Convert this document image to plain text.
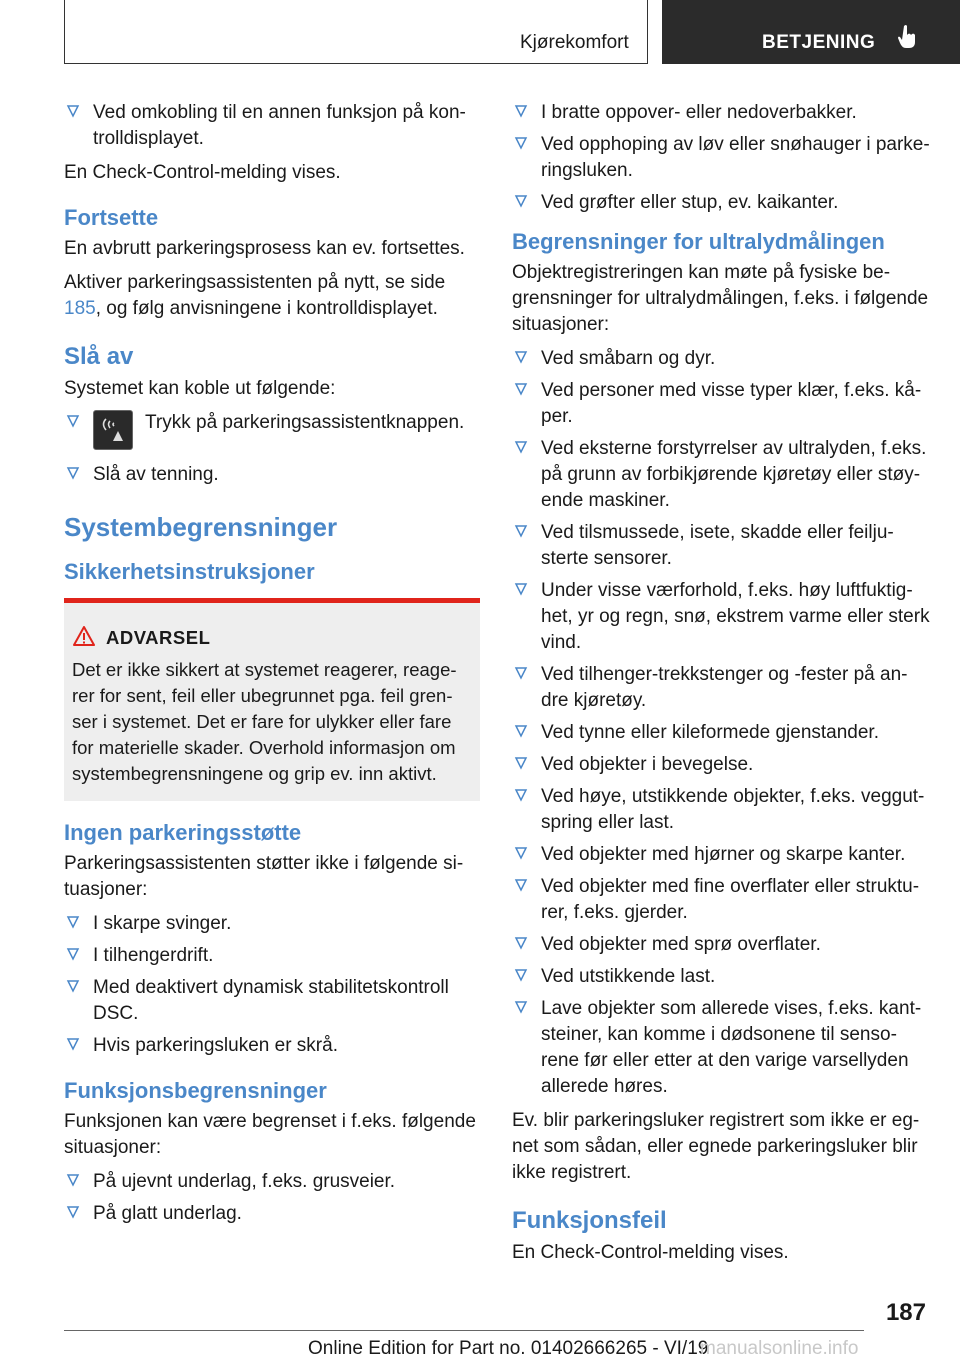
Kjørekomfort	BETJENING
Ved omkobling til en annen funksjon på kon-trolldisplayet.

En Check-Control-melding vises.

Fortsette

En avbrutt parkeringsprosess kan ev. fortsettes.

Aktiver parkeringsassistenten på nytt, se side 185, og følg anvisningene i kontrolldisplayet.

Slå av

Systemet kan koble ut følgende:

Trykk på parkeringsassistentknappen.
Slå av tenning.
Systembegrensninger
Sikkerhetsinstruksjoner
ADVARSEL
Det er ikke sikkert at systemet reagerer, reage-rer for sent, feil eller ubegrunnet pga. feil gren-ser i systemet. Det er fare for ulykker eller fare for materielle skader. Overhold informasjon om systembegrensningene og grip ev. inn aktivt.
Ingen parkeringsstøtte

Parkeringsassistenten støtter ikke i følgende si-tuasjoner:

I skarpe svinger.
I tilhengerdrift.
Med deaktivert dynamisk stabilitetskontroll DSC.
Hvis parkeringsluken er skrå.
Funksjonsbegrensninger

Funksjonen kan være begrenset i f.eks. følgende situasjoner:

På ujevnt underlag, f.eks. grusveier.
På glatt underlag.
I bratte oppover- eller nedoverbakker.
Ved opphoping av løv eller snøhauger i parke-ringsluken.
Ved grøfter eller stup, ev. kaikanter.
Begrensninger for ultralydmålingen

Objektregistreringen kan møte på fysiske be-grensninger for ultralydmålingen, f.eks. i følgende situasjoner:

Ved småbarn og dyr.
Ved personer med visse typer klær, f.eks. kå-per.
Ved eksterne forstyrrelser av ultralyden, f.eks. på grunn av forbikjørende kjøretøy eller støy-ende maskiner.
Ved tilsmussede, isete, skadde eller feilju-sterte sensorer.
Under visse værforhold, f.eks. høy luftfuktig-het, yr og regn, snø, ekstrem varme eller sterk vind.
Ved tilhenger-trekkstenger og -fester på an-dre kjøretøy.
Ved tynne eller kileformede gjenstander.
Ved objekter i bevegelse.
Ved høye, utstikkende objekter, f.eks. veggut-spring eller last.
Ved objekter med hjørner og skarpe kanter.
Ved objekter med fine overflater eller struktu-rer, f.eks. gjerder.
Ved objekter med sprø overflater.
Ved utstikkende last.
Lave objekter som allerede vises, f.eks. kant-steiner, kan komme i dødsonene til senso-rene før eller etter at den varige varsellyden allerede høres.

Ev. blir parkeringsluker registrert som ikke er eg-net som sådan, eller egnede parkeringsluker blir ikke registrert.

Funksjonsfeil

En Check-Control-melding vises.

187
Online Edition for Part no. 01402666265 - VI/19
manualsonline.info
